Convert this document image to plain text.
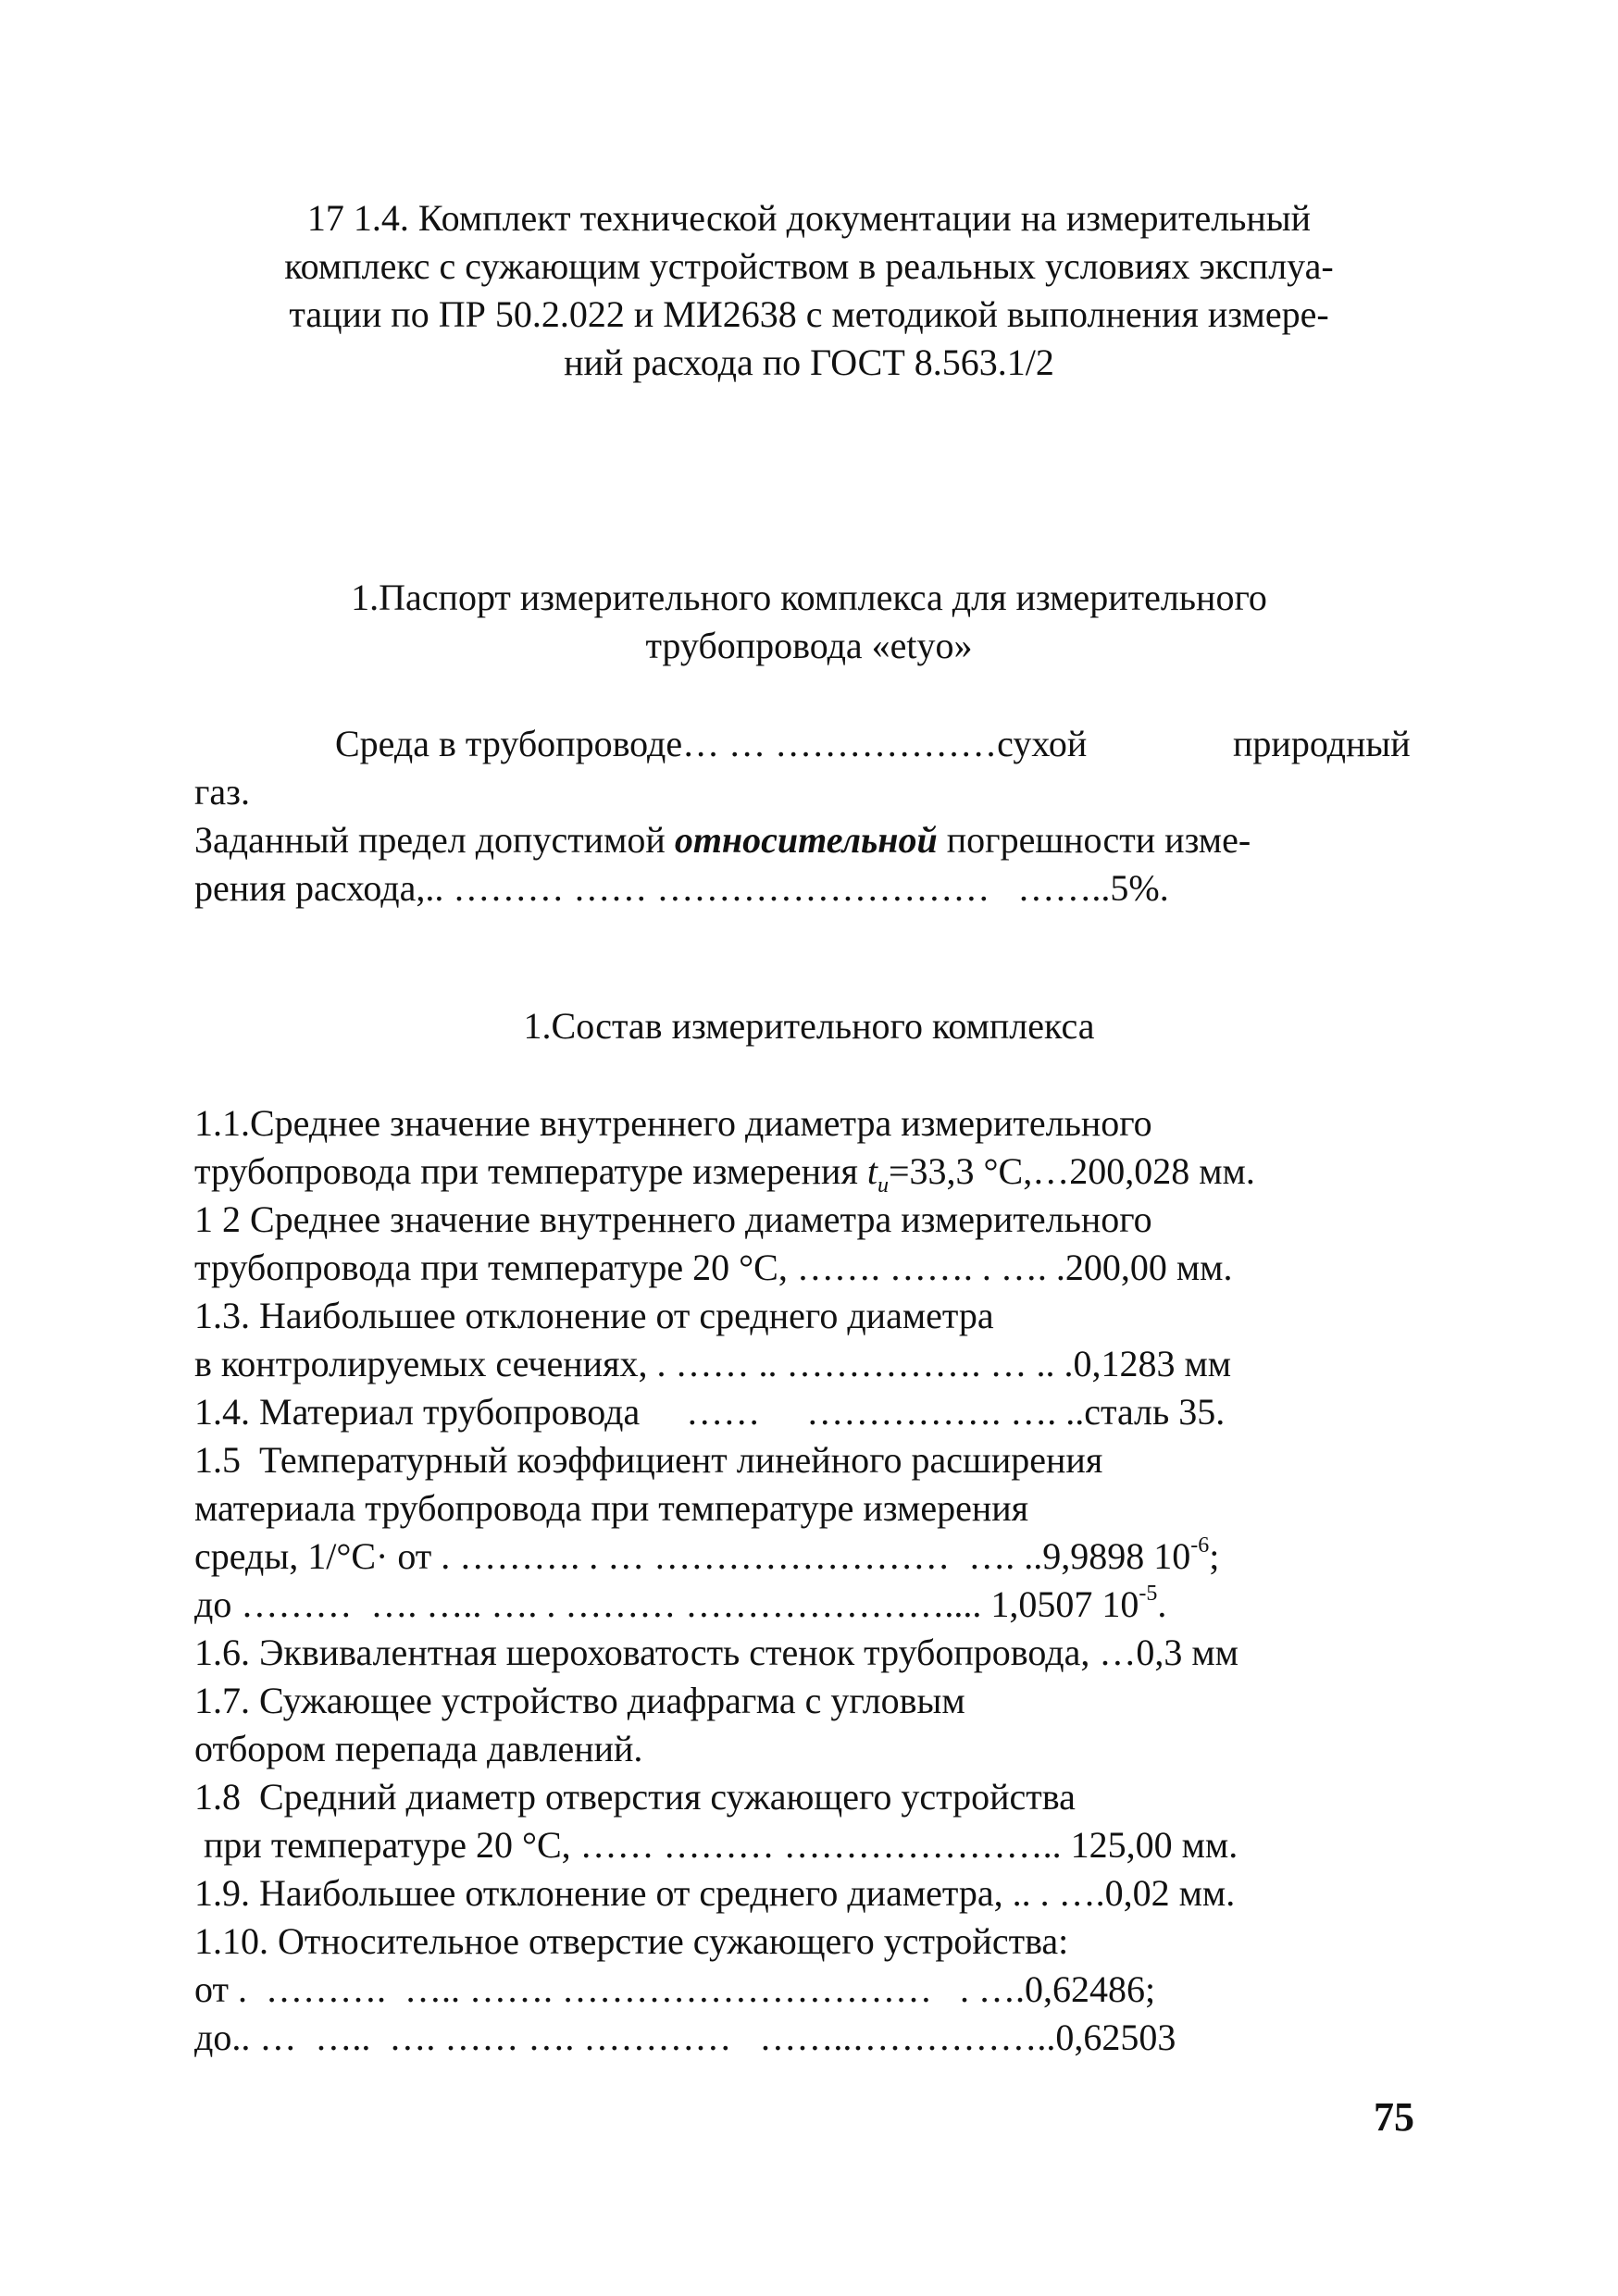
17 1.4. Комплект технической документации на измерительный
комплекс с сужающим устройством в реальных условиях эксплуа-
тации по ПР 50.2.022 и МИ2638 с методикой выполнения измере-
ний расхода по ГОСТ 8.563.1/2
1.Паспорт измерительного комплекса для измерительного
трубопровода «etyo»
Среда в трубопроводе… … ………………сухой	природный
газ.
Заданный предел допустимой относительной погрешности изме-
рения расхода,.. ……… …… ………………………   ……..5%.
1.Состав измерительного комплекса
1.1.Среднее значение внутреннего диаметра измерительного
трубопровода при температуре измерения $t_u=33,3$ °С,…200,028 мм.
1 2 Среднее значение внутреннего диаметра измерительного
трубопровода при температуре 20 °С, ……. ……. . …. .200,00 мм.
1.3. Наибольшее отклонение от среднего диаметра
в контролируемых сечениях, . …… .. ……………. … .. .0,1283 мм
1.4. Материал трубопровода     ……     ……………. …. ..сталь 35.
1.5  Температурный коэффициент линейного расширения
материала трубопровода при температуре измерения
среды, 1/°С· от . ………. . … ……………………  …. ..9,9898 $10^{-6}$;
до ………  …. ….. …. . ……… ………………….... 1,0507 $10^{-5}$.
1.6. Эквивалентная шероховатость стенок трубопровода, …0,3 мм
1.7. Сужающее устройство диафрагма с угловым
отбором перепада давлений.
1.8  Средний диаметр отверстия сужающего устройства
при температуре 20 °С, …… ……… ………………….. 125,00 мм.
1.9. Наибольшее отклонение от среднего диаметра, .. . ….0,02 мм.
1.10. Относительное отверстие сужающего устройства:
от .  ……….  ….. ……. …………………………   . ….0,62486;
до.. …  …..  …. …… …. …………   ……..……………..0,62503
75
